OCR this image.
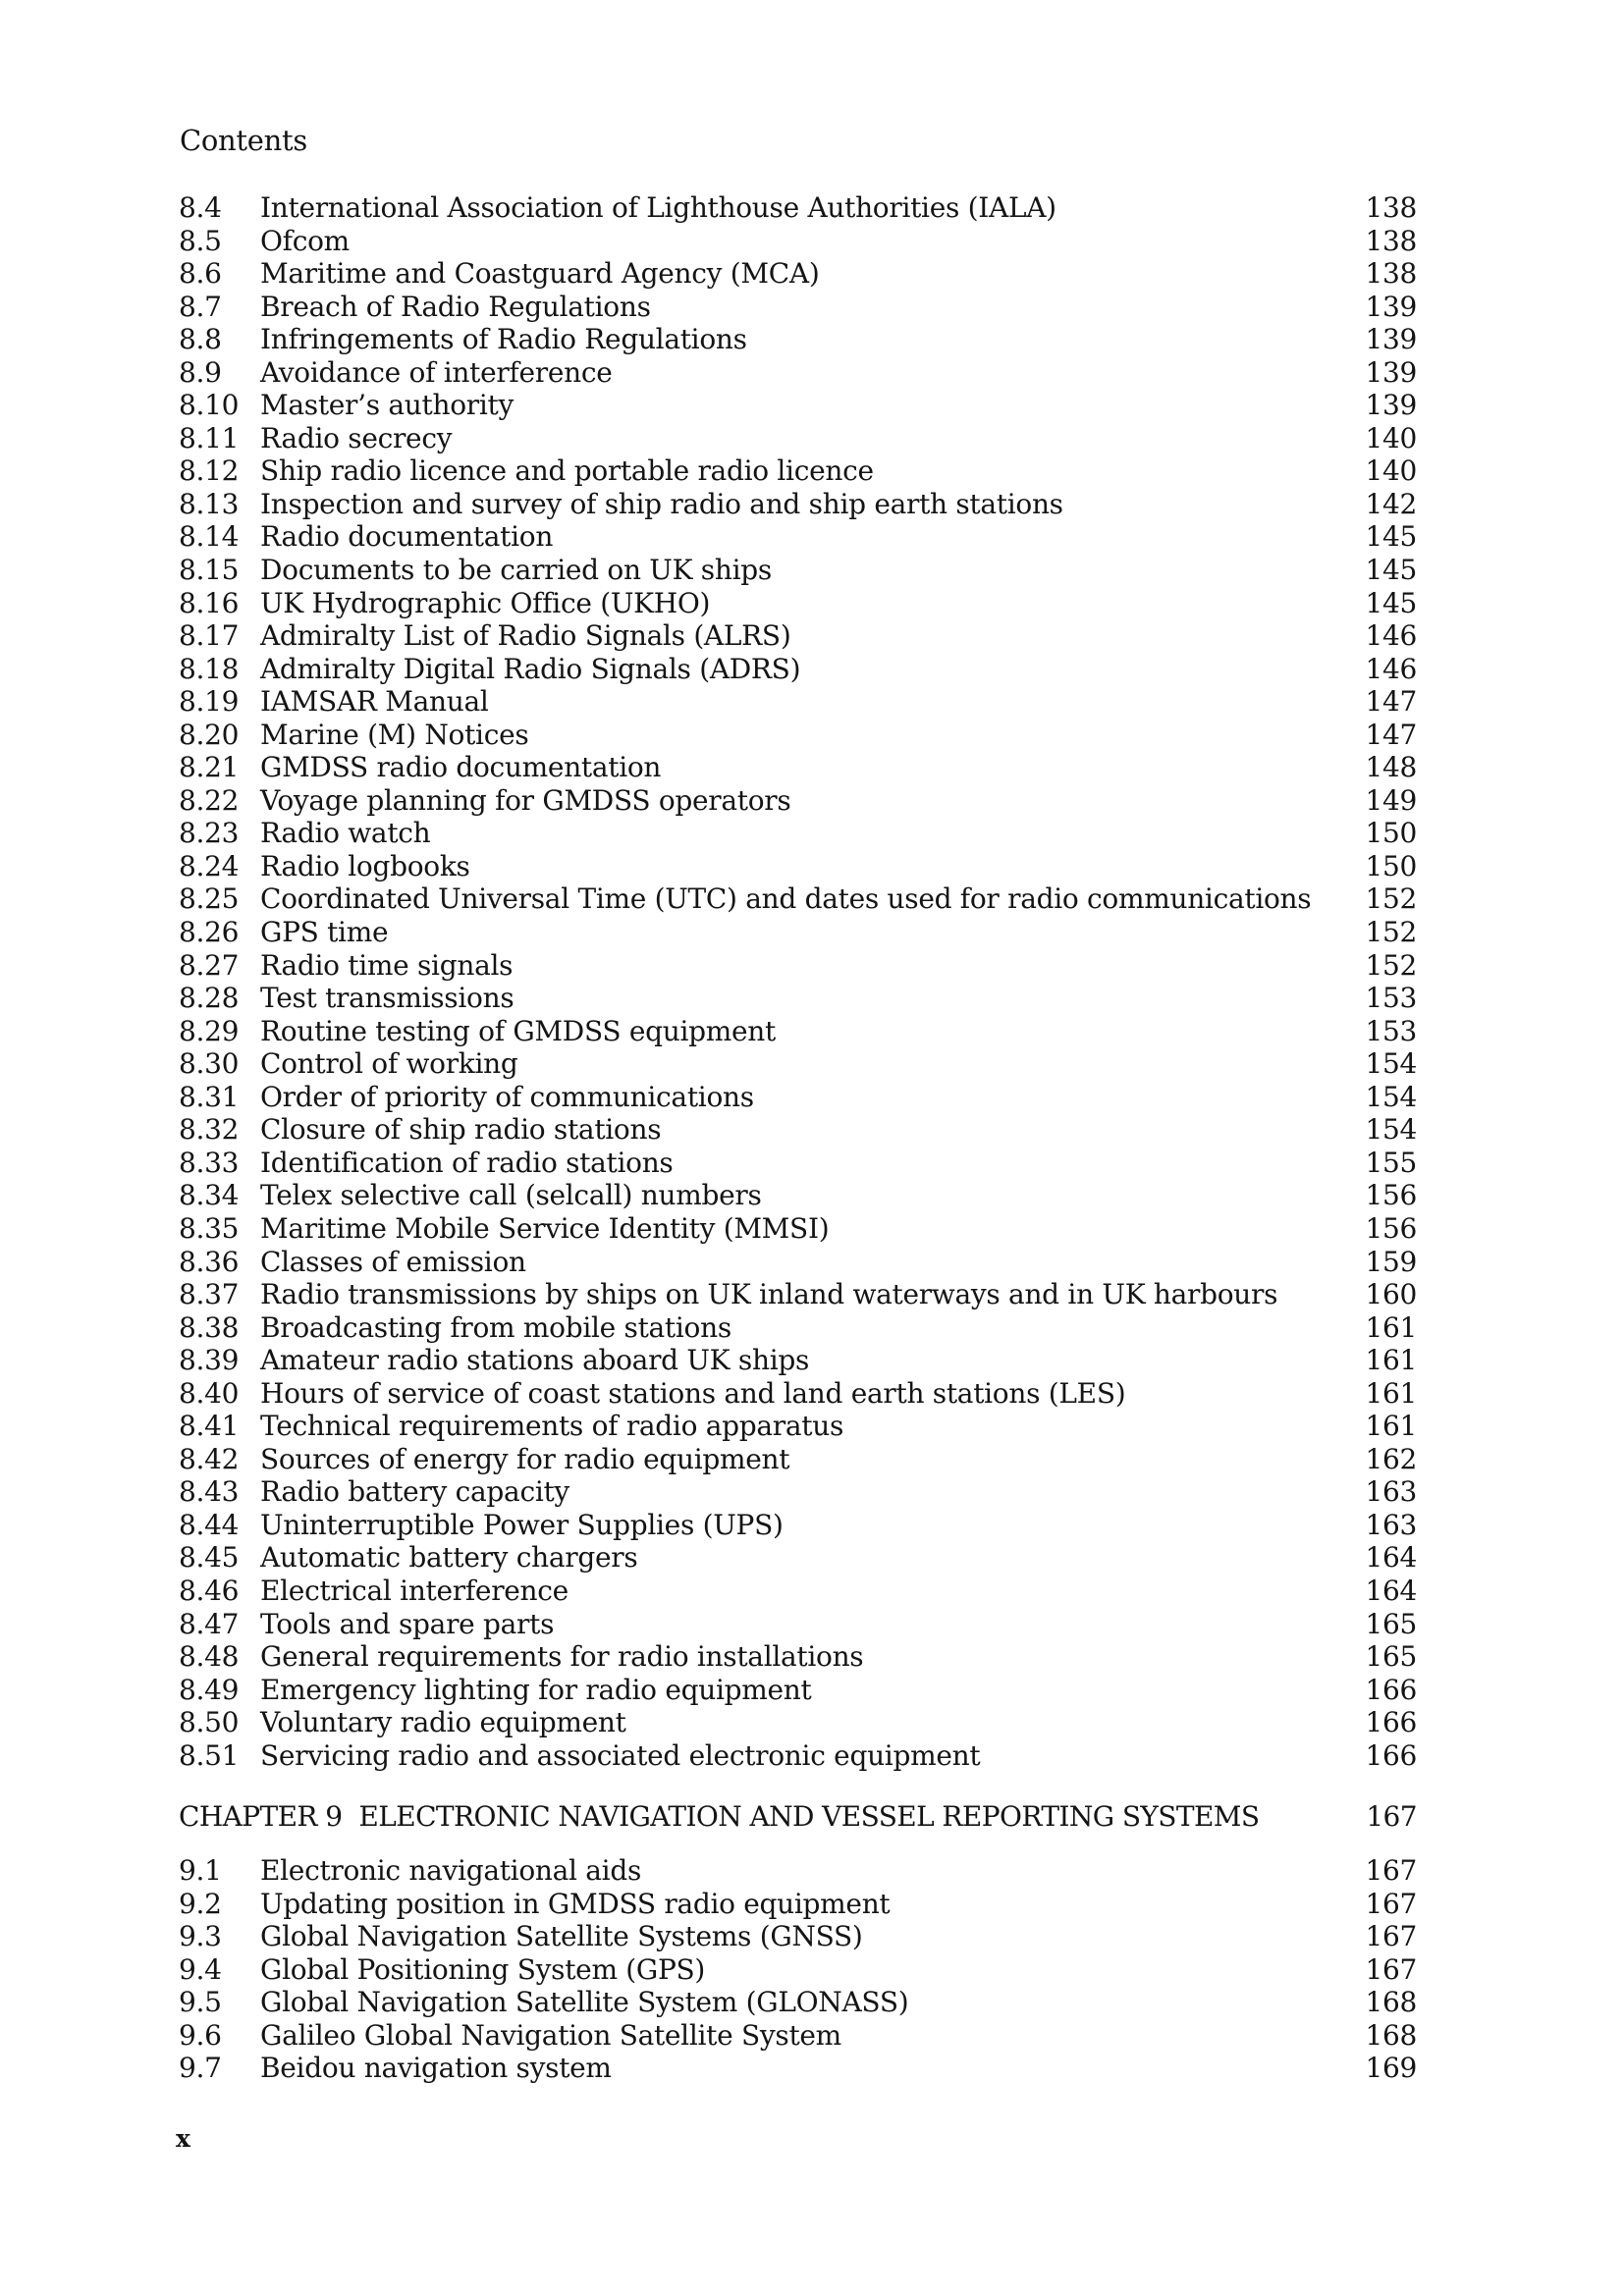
Contents
8.4	International Association of Lighthouse Authorities (IALA)	138
8.5	Ofcom	138
8.6	Maritime and Coastguard Agency (MCA)	138
8.7	Breach of Radio Regulations	139
8.8	Infringements of Radio Regulations	139
8.9	Avoidance of interference	139
8.10 Master’s authority	139
8.11 Radio secrecy	140
8.12 Ship radio licence and portable radio licence	140
8.13 Inspection and survey of ship radio and ship earth stations	142
8.14 Radio documentation	145
8.15 Documents to be carried on UK ships	145
8.16 UK Hydrographic Office (UKHO)	145
8.17 Admiralty List of Radio Signals (ALRS)	146
8.18 Admiralty Digital Radio Signals (ADRS)	146
8.19 IAMSAR Manual	147
8.20 Marine (M) Notices	147
8.21 GMDSS radio documentation	148
8.22 Voyage planning for GMDSS operators	149
8.23 Radio watch	150
8.24 Radio logbooks	150
8.25 Coordinated Universal Time (UTC) and dates used for radio communications	152
8.26 GPS time	152
8.27 Radio time signals	152
8.28 Test transmissions	153
8.29 Routine testing of GMDSS equipment	153
8.30 Control of working	154
8.31 Order of priority of communications	154
8.32 Closure of ship radio stations	154
8.33 Identification of radio stations	155
8.34 Telex selective call (selcall) numbers	156
8.35 Maritime Mobile Service Identity (MMSI)	156
8.36 Classes of emission	159
8.37 Radio transmissions by ships on UK inland waterways and in UK harbours	160
8.38 Broadcasting from mobile stations	161
8.39 Amateur radio stations aboard UK ships	161
8.40 Hours of service of coast stations and land earth stations (LES)	161
8.41 Technical requirements of radio apparatus	161
8.42 Sources of energy for radio equipment	162
8.43 Radio battery capacity	163
8.44 Uninterruptible Power Supplies (UPS)	163
8.45 Automatic battery chargers	164
8.46 Electrical interference	164
8.47 Tools and spare parts	165
8.48 General requirements for radio installations	165
8.49 Emergency lighting for radio equipment	166
8.50 Voluntary radio equipment	166
8.51 Servicing radio and associated electronic equipment	166
CHAPTER 9 ELECTRONIC NAVIGATION AND VESSEL REPORTING SYSTEMS	167
9.1	Electronic navigational aids	167
9.2	Updating position in GMDSS radio equipment	167
9.3	Global Navigation Satellite Systems (GNSS)	167
9.4	Global Positioning System (GPS)	167
9.5	Global Navigation Satellite System (GLONASS)	168
9.6	Galileo Global Navigation Satellite System	168
9.7	Beidou navigation system	169
x
